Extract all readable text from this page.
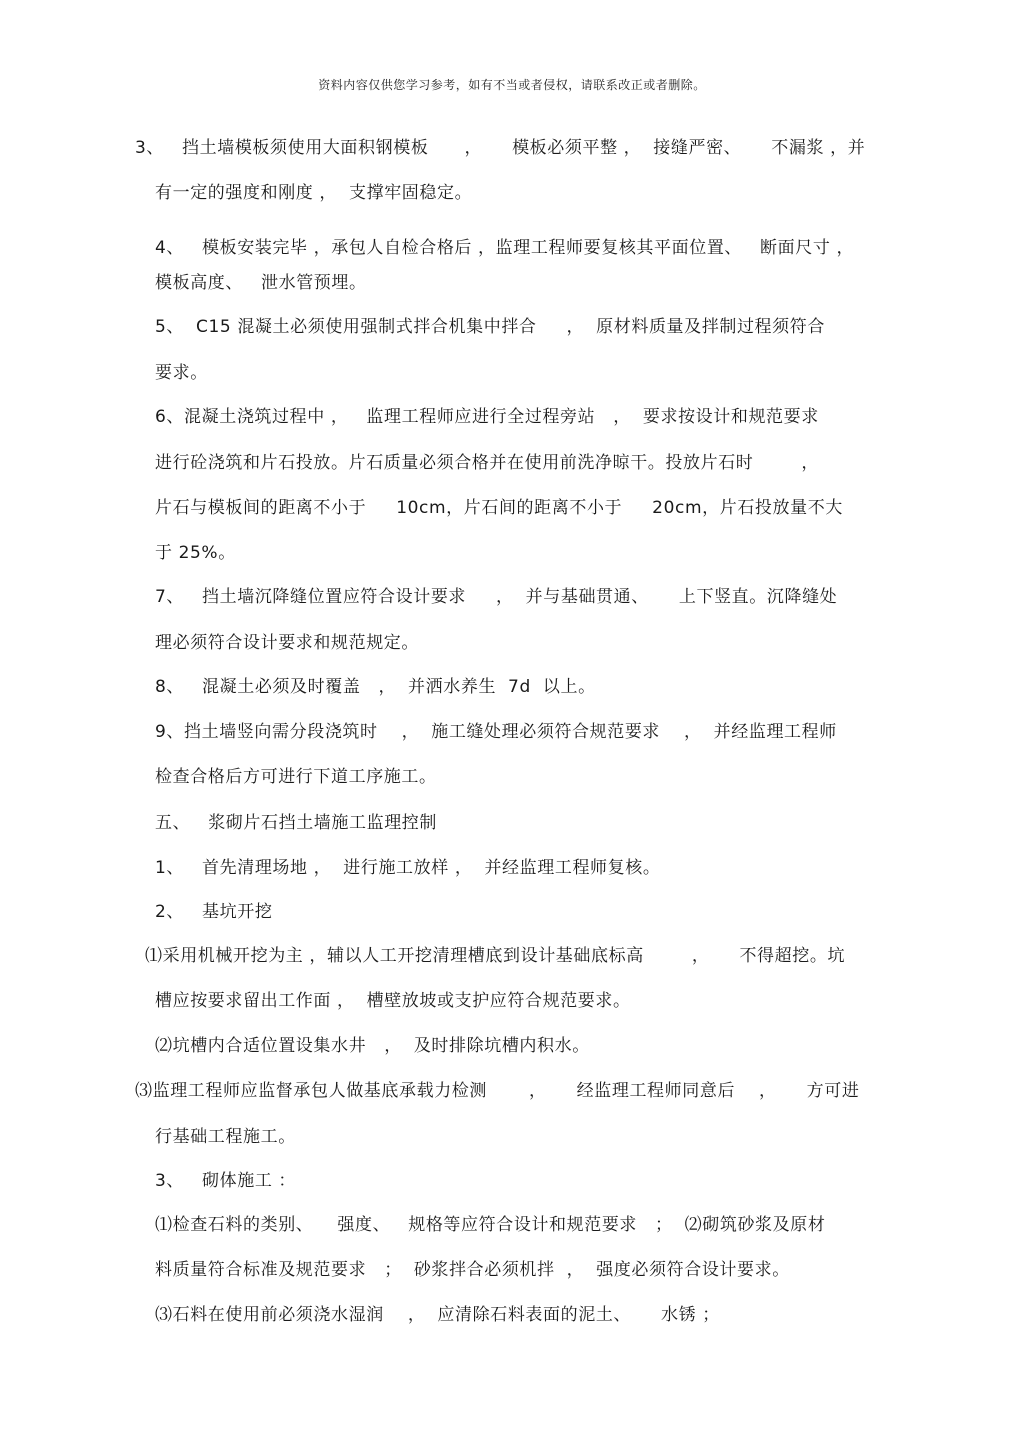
资料内容仅供您学习参考，如有不当或者侵权，请联系改正或者删除。
3、   挡土墙模板须使用大面积钢模板      ，     模板必须平整 ，  接缝严密、     不漏浆 ，并
有一定的强度和刚度 ，  支撑牢固稳定。
4、   模板安装完毕 ，承包人自检合格后 ，监理工程师要复核其平面位置、   断面尺寸 ，
模板高度、   泄水管预埋。
5、  C15 混凝土必须使用强制式拌合机集中拌合     ，  原材料质量及拌制过程须符合
要求。
6、混凝土浇筑过程中 ，   监理工程师应进行全过程旁站   ，  要求按设计和规范要求
进行砼浇筑和片石投放。片石质量必须合格并在使用前洗净晾干。投放片石时        ，
片石与模板间的距离不小于     10cm，片石间的距离不小于     20cm，片石投放量不大
于 25%。
7、   挡土墙沉降缝位置应符合设计要求     ，  并与基础贯通、     上下竖直。沉降缝处
理必须符合设计要求和规范规定。
8、   混凝土必须及时覆盖   ，  并洒水养生  7d  以上。
9、挡土墙竖向需分段浇筑时    ，  施工缝处理必须符合规范要求    ，  并经监理工程师
检查合格后方可进行下道工序施工。
五、   浆砌片石挡土墙施工监理控制
1、   首先清理场地 ，  进行施工放样 ，  并经监理工程师复核。
2、   基坑开挖
⑴采用机械开挖为主 ，辅以人工开挖清理槽底到设计基础底标高        ，     不得超挖。坑
槽应按要求留出工作面 ，  槽壁放坡或支护应符合规范要求。
⑵坑槽内合适位置设集水井   ，  及时排除坑槽内积水。
⑶监理工程师应监督承包人做基底承载力检测       ，     经监理工程师同意后    ，     方可进
行基础工程施工。
3、   砌体施工 ：
⑴检查石料的类别、    强度、   规格等应符合设计和规范要求   ；  ⑵砌筑砂浆及原材
料质量符合标准及规范要求   ；  砂浆拌合必须机拌  ，  强度必须符合设计要求。
⑶石料在使用前必须浇水湿润    ，  应清除石料表面的泥土、     水锈 ；
